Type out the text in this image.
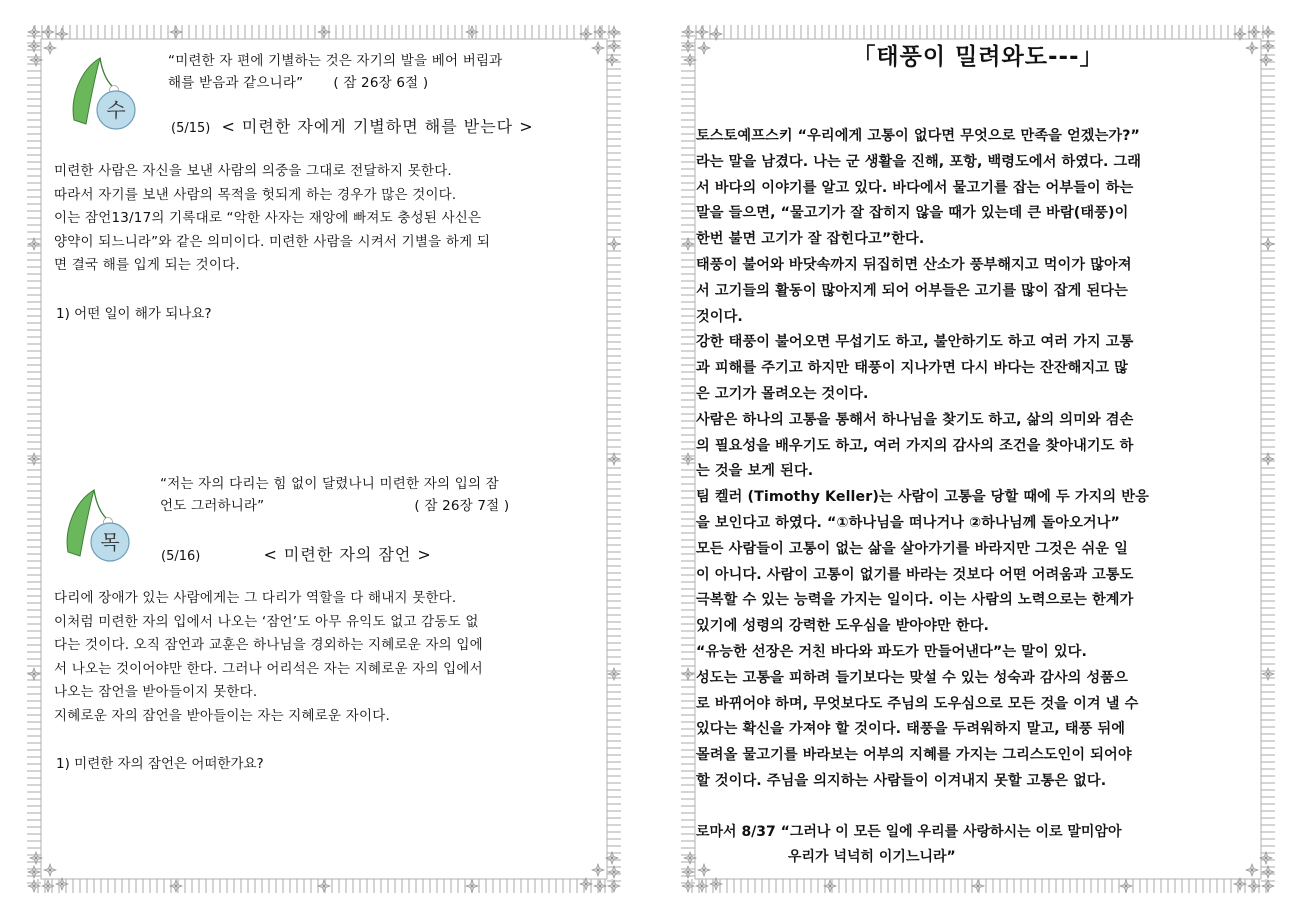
수
“미련한 자 편에 기별하는 것은 자기의 발을 베어 버림과
해를 받음과 같으니라” ( 잠 26장 6절 )
(5/15) < 미련한 자에게 기별하면 해를 받는다 >

미련한 사람은 자신을 보낸 사람의 의중을 그대로 전달하지 못한다.

따라서 자기를 보낸 사람의 목적을 헛되게 하는 경우가 많은 것이다.

이는 잠언13/17의 기록대로 “악한 사자는 재앙에 빠져도 충성된 사신은

양약이 되느니라”와 같은 의미이다. 미련한 사람을 시켜서 기별을 하게 되

면 결국 해를 입게 되는 것이다.

1) 어떤 일이 해가 되나요?
목
“저는 자의 다리는 힘 없이 달렸나니 미련한 자의 입의 잠
언도 그러하니라”	( 잠 26장 7절 )
(5/16)	< 미련한 자의 잠언 >

다리에 장애가 있는 사람에게는 그 다리가 역할을 다 해내지 못한다.

이처럼 미련한 자의 입에서 나오는 ‘잠언’도 아무 유익도 없고 감동도 없

다는 것이다. 오직 잠언과 교훈은 하나님을 경외하는 지혜로운 자의 입에

서 나오는 것이어야만 한다. 그러나 어리석은 자는 지혜로운 자의 입에서

나오는 잠언을 받아들이지 못한다.

지혜로운 자의 잠언을 받아들이는 자는 지혜로운 자이다.

1) 미련한 자의 잠언은 어떠한가요?
「태풍이 밀려와도---」

토스토예프스키 “우리에게 고통이 없다면 무엇으로 만족을 얻겠는가?”

라는 말을 남겼다. 나는 군 생활을 진해, 포항, 백령도에서 하였다. 그래

서 바다의 이야기를 알고 있다. 바다에서 물고기를 잡는 어부들이 하는

말을 들으면, “물고기가 잘 잡히지 않을 때가 있는데 큰 바람(태풍)이

한번 불면 고기가 잘 잡힌다고”한다.

태풍이 불어와 바닷속까지 뒤집히면 산소가 풍부해지고 먹이가 많아져

서 고기들의 활동이 많아지게 되어 어부들은 고기를 많이 잡게 된다는

것이다.

강한 태풍이 불어오면 무섭기도 하고, 불안하기도 하고 여러 가지 고통

과 피해를 주기고 하지만 태풍이 지나가면 다시 바다는 잔잔해지고 많

은 고기가 몰려오는 것이다.

사람은 하나의 고통을 통해서 하나님을 찾기도 하고, 삶의 의미와 겸손

의 필요성을 배우기도 하고, 여러 가지의 감사의 조건을 찾아내기도 하

는 것을 보게 된다.

팀 켈러 (Timothy Keller)는 사람이 고통을 당할 때에 두 가지의 반응

을 보인다고 하였다. “①하나님을 떠나거나 ②하나님께 돌아오거나”

모든 사람들이 고통이 없는 삶을 살아가기를 바라지만 그것은 쉬운 일

이 아니다. 사람이 고통이 없기를 바라는 것보다 어떤 어려움과 고통도

극복할 수 있는 능력을 가지는 일이다. 이는 사람의 노력으로는 한계가

있기에 성령의 강력한 도우심을 받아야만 한다.

“유능한 선장은 거친 바다와 파도가 만들어낸다”는 말이 있다.

성도는 고통을 피하려 들기보다는 맞설 수 있는 성숙과 감사의 성품으

로 바뀌어야 하며, 무엇보다도 주님의 도우심으로 모든 것을 이겨 낼 수

있다는 확신을 가져야 할 것이다. 태풍을 두려워하지 말고, 태풍 뒤에

몰려올 물고기를 바라보는 어부의 지혜를 가지는 그리스도인이 되어야

할 것이다. 주님을 의지하는 사람들이 이겨내지 못할 고통은 없다.

로마서 8/37 “그러나 이 모든 일에 우리를 사랑하시는 이로 말미암아
우리가 넉넉히 이기느니라”
